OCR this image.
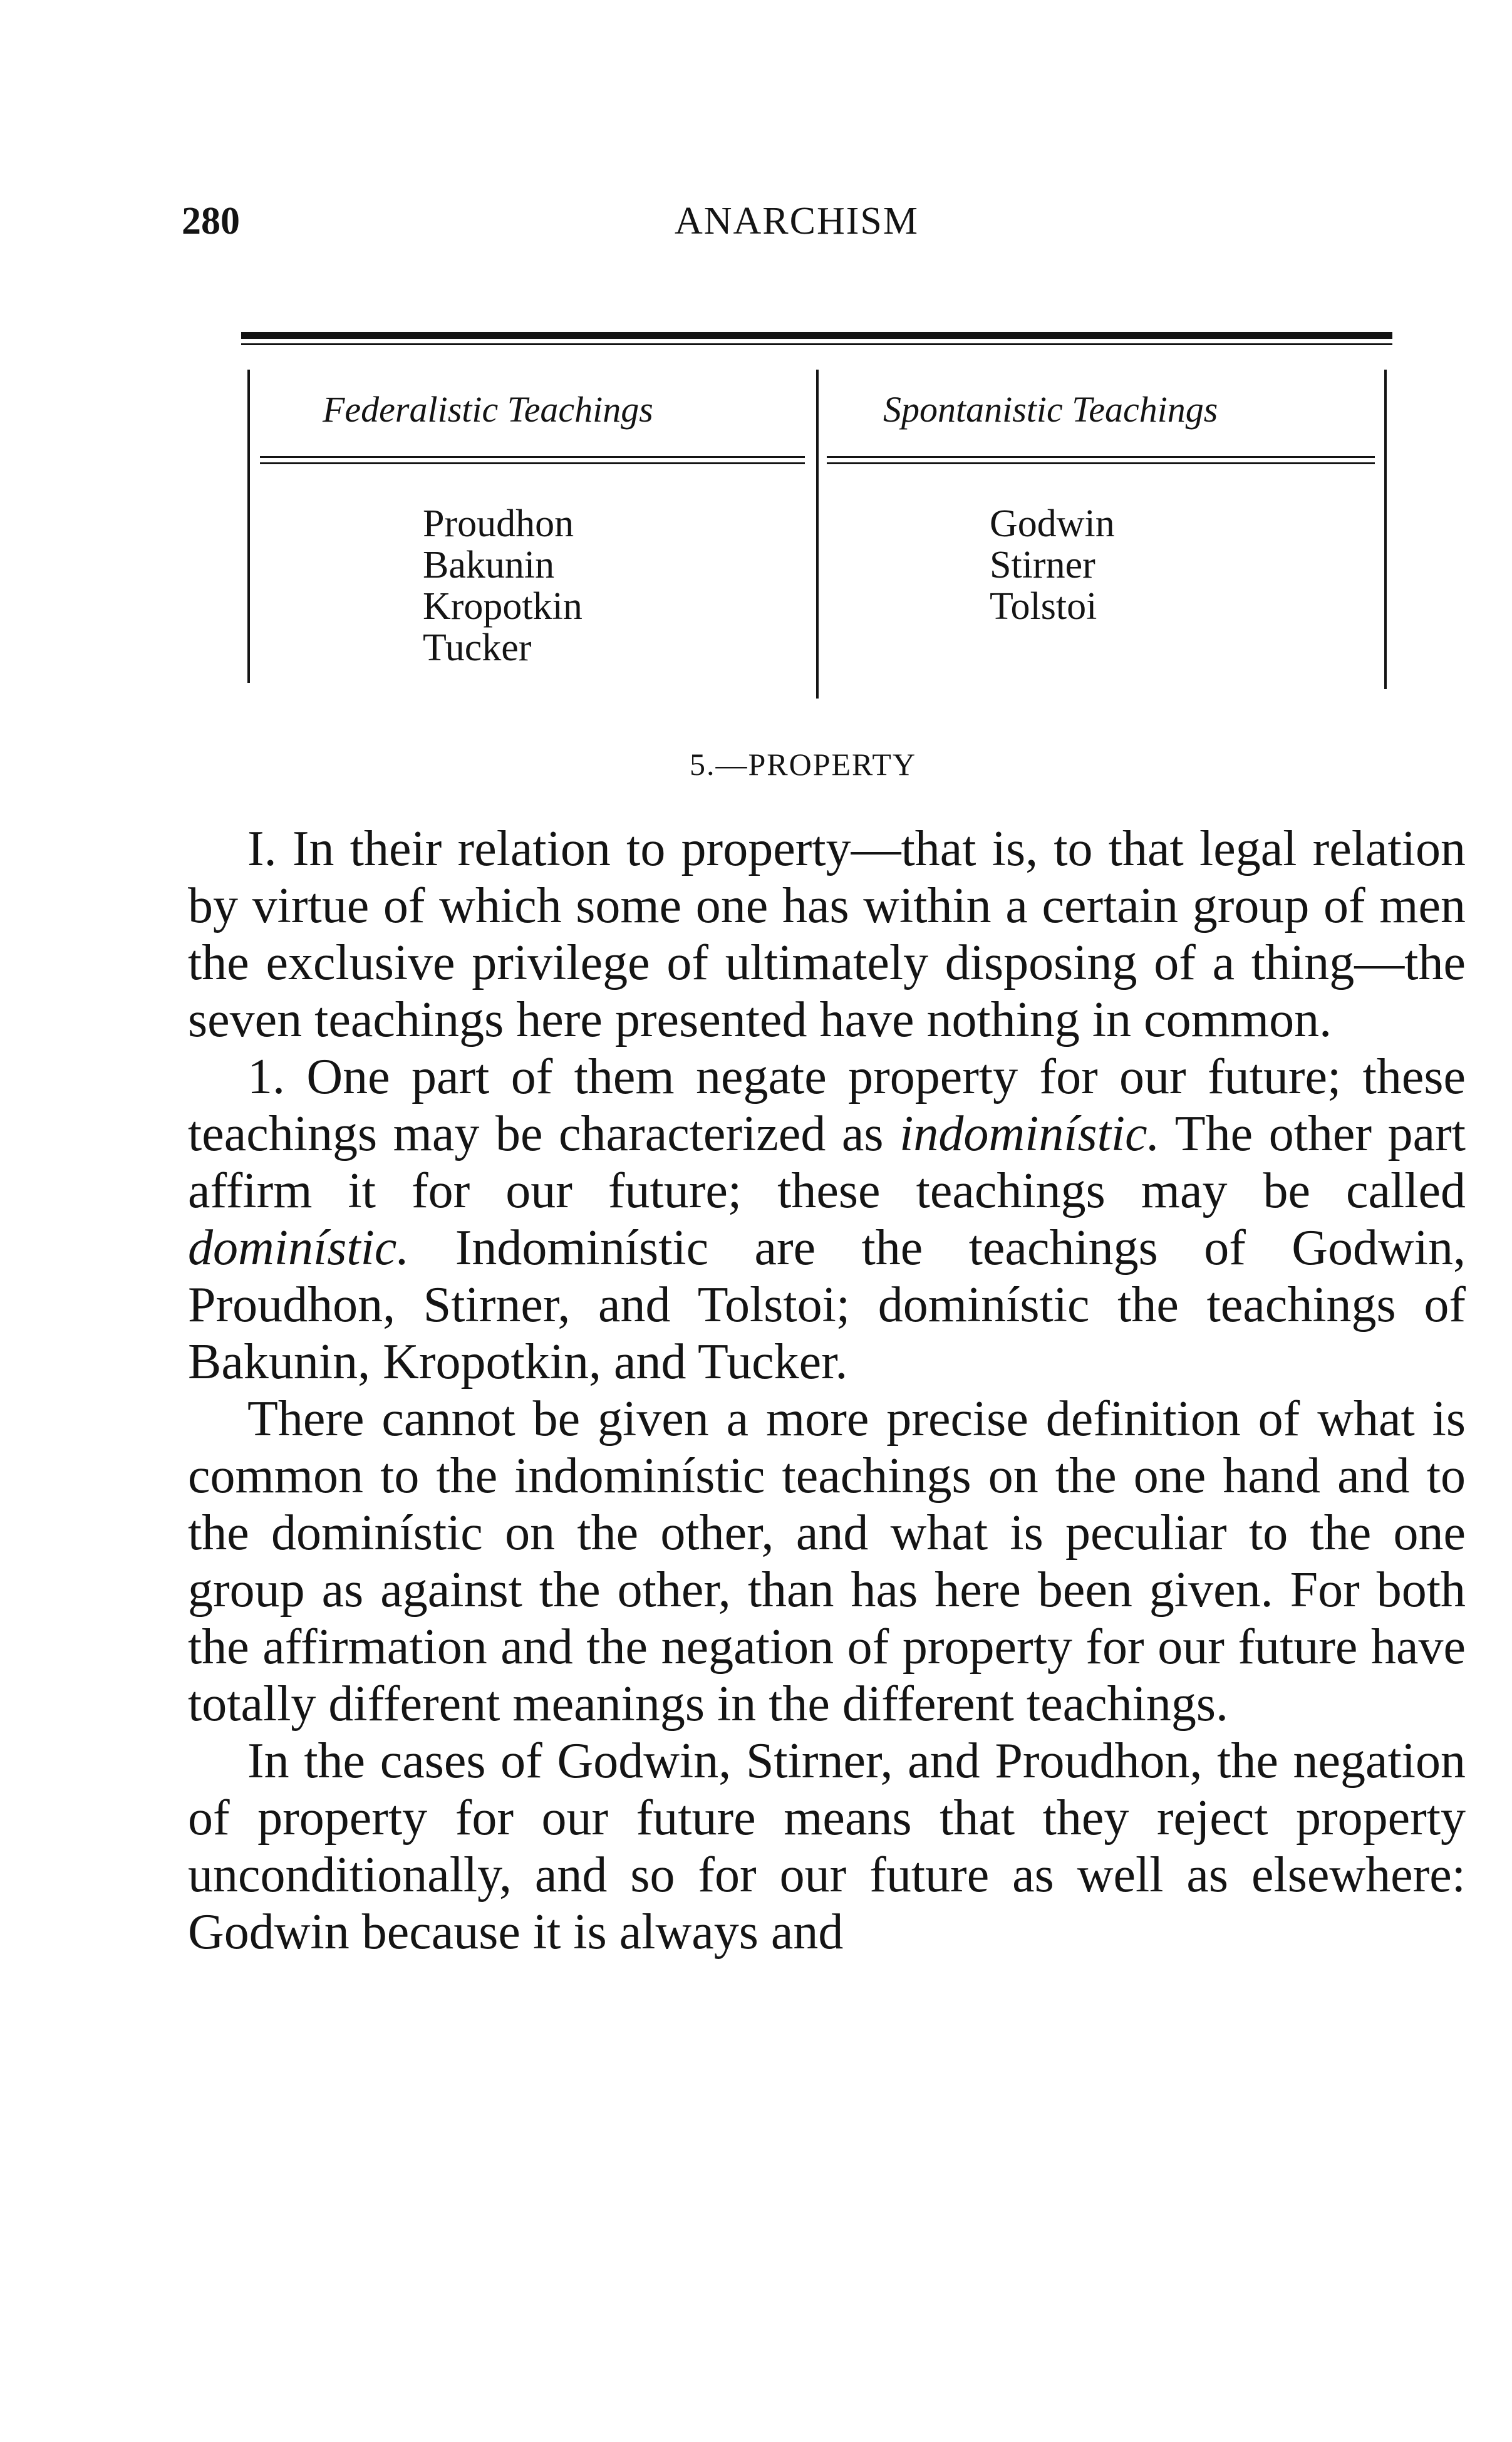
280	ANARCHISM
Federalistic Teachings	Spontanistic Teachings
Proudhon
Bakunin
Kropotkin
Tucker
Godwin
Stirner
Tolstoi
5.—PROPERTY

I. In their relation to property—that is, to that legal relation by virtue of which some one has within a certain group of men the exclusive privilege of ultimately disposing of a thing—the seven teachings here presented have nothing in common.

1. One part of them negate property for our future; these teachings may be characterized as indominístic. The other part affirm it for our future; these teachings may be called dominístic. Indominístic are the teachings of Godwin, Proudhon, Stirner, and Tolstoi; dominístic the teachings of Bakunin, Kropotkin, and Tucker.

There cannot be given a more precise definition of what is common to the indominístic teachings on the one hand and to the dominístic on the other, and what is peculiar to the one group as against the other, than has here been given. For both the affirmation and the negation of property for our future have totally different meanings in the different teachings.

In the cases of Godwin, Stirner, and Proudhon, the negation of property for our future means that they reject property unconditionally, and so for our future as well as elsewhere: Godwin because it is always and
